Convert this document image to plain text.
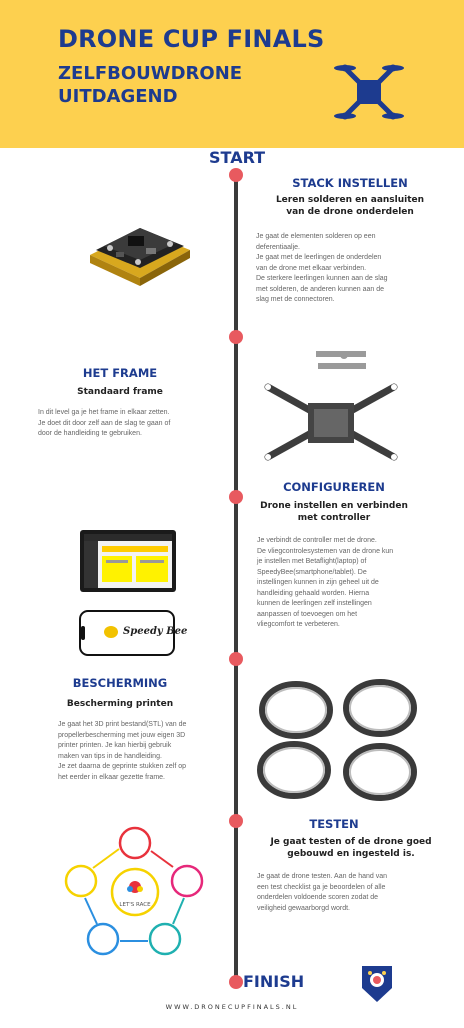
DRONE CUP FINALS
ZELFBOUWDRONE
UITDAGEND
START
FINISH
STACK INSTELLEN
Leren solderen en aansluiten
van de drone onderdelen
Je gaat de elementen solderen op een
deferentiaalje.
Je gaat met de leerlingen de onderdelen
van de drone met elkaar verbinden.
De sterkere leerlingen kunnen aan de slag
met solderen, de anderen kunnen aan de
slag met de connectoren.
HET FRAME
Standaard frame
In dit level ga je het frame in elkaar zetten.
Je doet dit door zelf aan de slag te gaan of
door de handleiding te gebruiken.
CONFIGUREREN
Drone instellen en verbinden
met controller
Je verbindt de controller met de drone.
De vliegcontrolesystemen van de drone kun
je instellen met Betaflight(laptop) of
SpeedyBee(smartphone/tablet). De
instellingen kunnen in zijn geheel uit de
handleiding gehaald worden. Hierna
kunnen de leerlingen zelf instellingen
aanpassen of toevoegen om het
vliegcomfort te verbeteren.
Speedy Bee
BESCHERMING
Bescherming printen
Je gaat het 3D print bestand(STL) van de
propellerbescherming met jouw eigen 3D
printer printen. Je kan hierbij gebruik
maken van tips in de handleiding.
Je zet daarna de geprinte stukken zelf op
het eerder in elkaar gezette frame.
TESTEN
Je gaat testen of de drone goed
gebouwd en ingesteld is.
Je gaat de drone testen. Aan de hand van
een test checklist ga je beoordelen of alle
onderdelen voldoende scoren zodat de
veiligheid gewaarborgd wordt.
LET'S RACE
WWW.DRONECUPFINALS.NL
